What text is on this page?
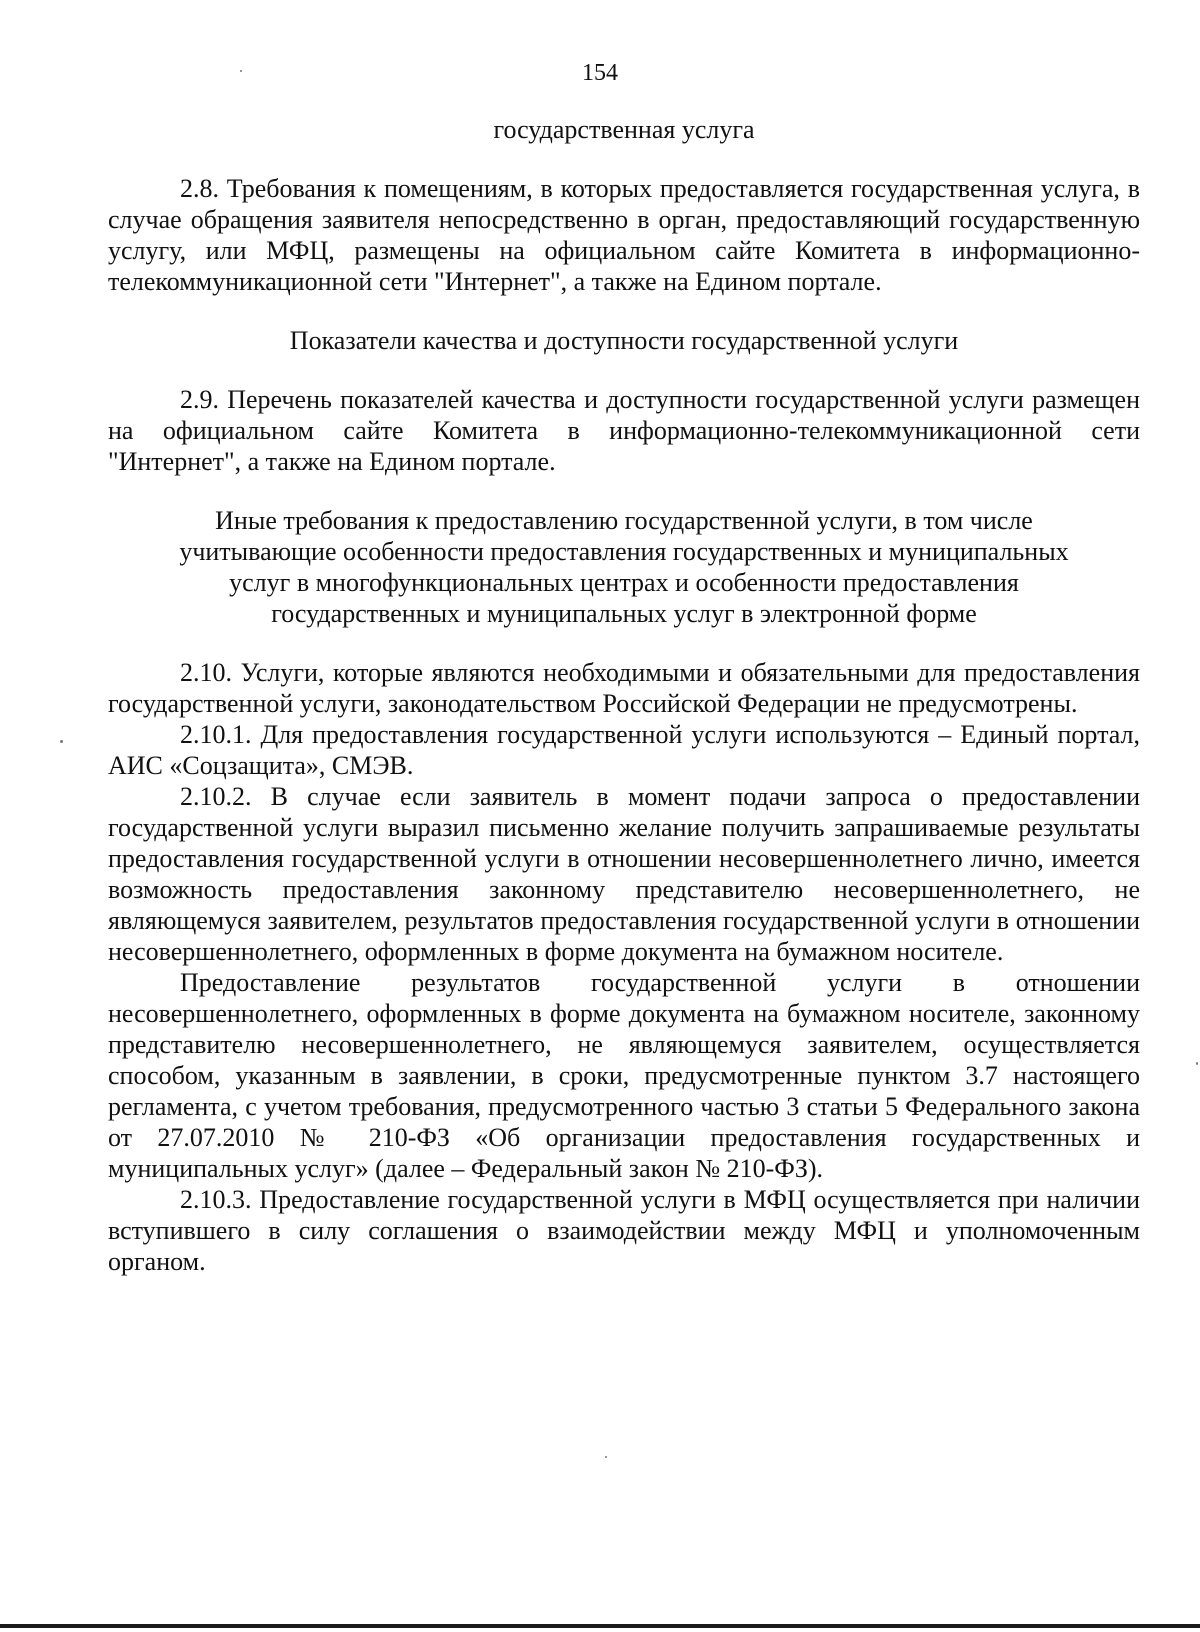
154

государственная услуга

2.8. Требования к помещениям, в которых предоставляется государственная услуга, в случае обращения заявителя непосредственно в орган, предоставляющий государственную услугу, или МФЦ, размещены на официальном сайте Комитета в информационно-телекоммуникационной сети "Интернет", а также на Едином портале.

Показатели качества и доступности государственной услуги

2.9. Перечень показателей качества и доступности государственной услуги размещен на официальном сайте Комитета в информационно-телекоммуникационной сети "Интернет", а также на Едином портале.

Иные требования к предоставлению государственной услуги, в том числе
учитывающие особенности предоставления государственных и муниципальных
услуг в многофункциональных центрах и особенности предоставления
государственных и муниципальных услуг в электронной форме

2.10. Услуги, которые являются необходимыми и обязательными для предоставления государственной услуги, законодательством Российской Федерации не предусмотрены.

2.10.1. Для предоставления государственной услуги используются – Единый портал, АИС «Соцзащита», СМЭВ.

2.10.2. В случае если заявитель в момент подачи запроса о предоставлении государственной услуги выразил письменно желание получить запрашиваемые результаты предоставления государственной услуги в отношении несовершеннолетнего лично, имеется возможность предоставления законному представителю несовершеннолетнего, не являющемуся заявителем, результатов предоставления государственной услуги в отношении несовершеннолетнего, оформленных в форме документа на бумажном носителе.

Предоставление результатов государственной услуги в отношении несовершеннолетнего, оформленных в форме документа на бумажном носителе, законному представителю несовершеннолетнего, не являющемуся заявителем, осуществляется способом, указанным в заявлении, в сроки, предусмотренные пунктом 3.7 настоящего регламента, с учетом требования, предусмотренного частью 3 статьи 5 Федерального закона от 27.07.2010 № 210-ФЗ «Об организации предоставления государственных и муниципальных услуг» (далее – Федеральный закон № 210-ФЗ).

2.10.3. Предоставление государственной услуги в МФЦ осуществляется при наличии вступившего в силу соглашения о взаимодействии между МФЦ и уполномоченным органом.
